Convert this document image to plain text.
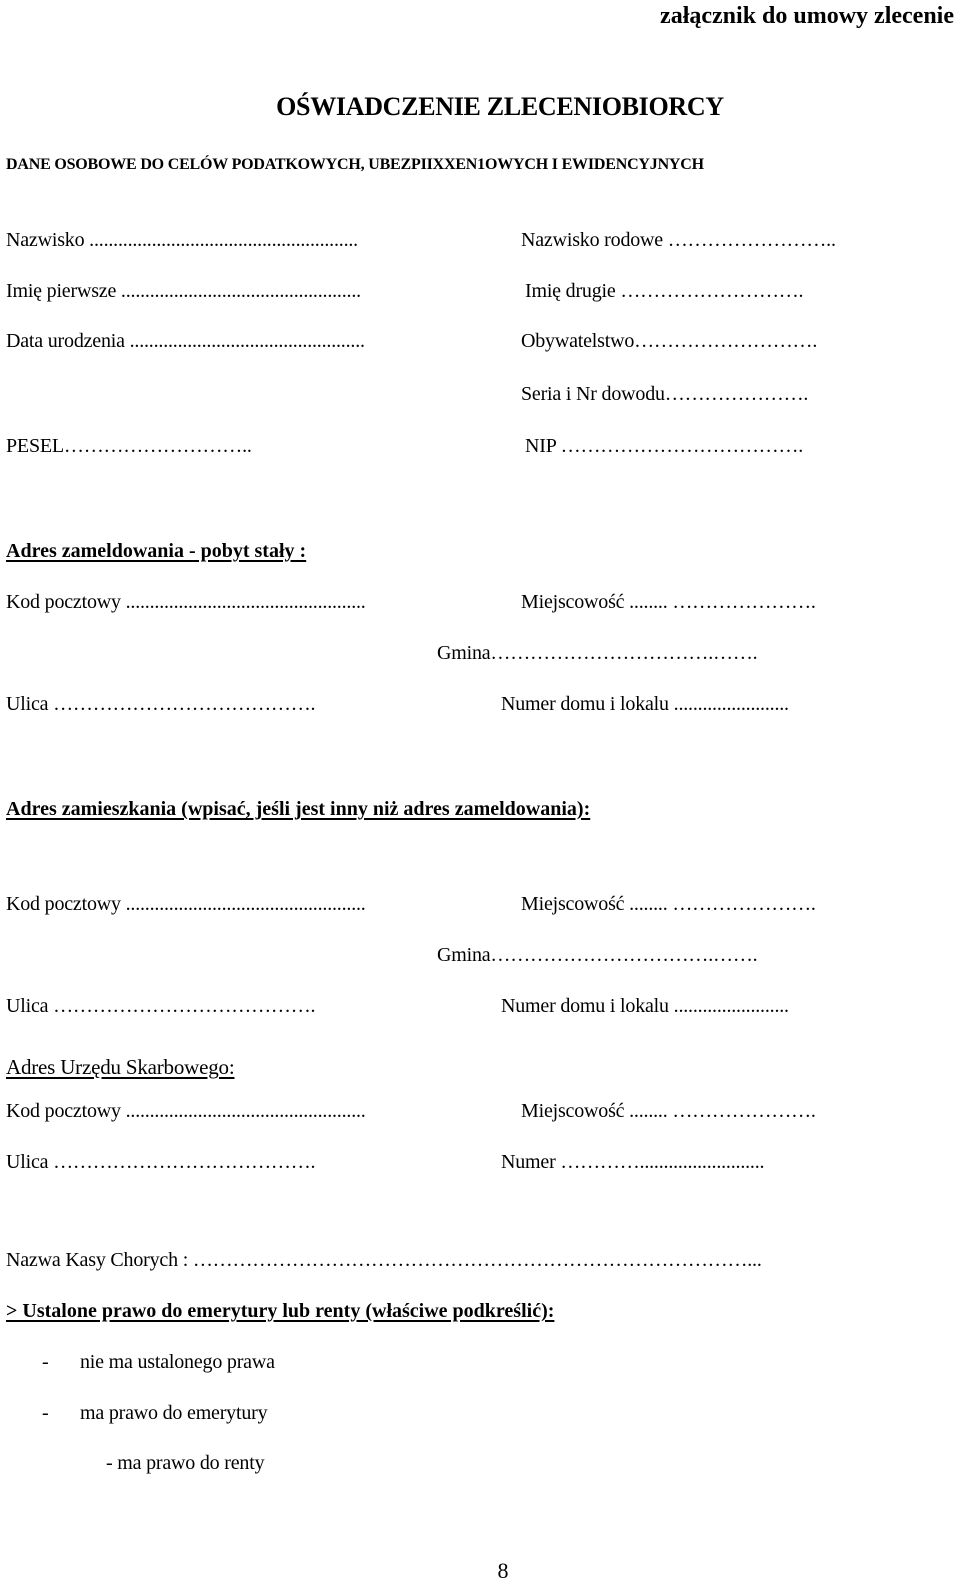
załącznik do umowy zlecenie
OŚWIADCZENIE ZLECENIOBIORCY
DANE OSOBOWE DO CELÓW PODATKOWYCH, UBEZPIIXXEN1OWYCH I EWIDENCYJNYCH
Nazwisko ........................................................	Nazwisko rodowe ……………………..
Imię pierwsze ..................................................	Imię drugie ……………………….
Data urodzenia .................................................	Obywatelstwo……………………….
Seria i Nr dowodu………………….
PESEL………………………..	NIP ……………………………….
Adres zameldowania - pobyt stały :
Kod pocztowy ..................................................	Miejscowość ........ ………………….
Gmina…………………………….…….
Ulica ………………………………….	Numer domu i lokalu ........................
Adres zamieszkania (wpisać, jeśli jest inny niż adres zameldowania):
Kod pocztowy ..................................................	Miejscowość ........ ………………….
Gmina…………………………….…….
Ulica ………………………………….	Numer domu i lokalu ........................
Adres Urzędu Skarbowego:
Kod pocztowy ..................................................	Miejscowość ........ ………………….
Ulica ………………………………….	Numer …………..........................
Nazwa Kasy Chorych : …………………………………………………………………………...
> Ustalone prawo do emerytury lub renty (właściwe podkreślić):
- nie ma ustalonego prawa
- ma prawo do emerytury
- ma prawo do renty
8
